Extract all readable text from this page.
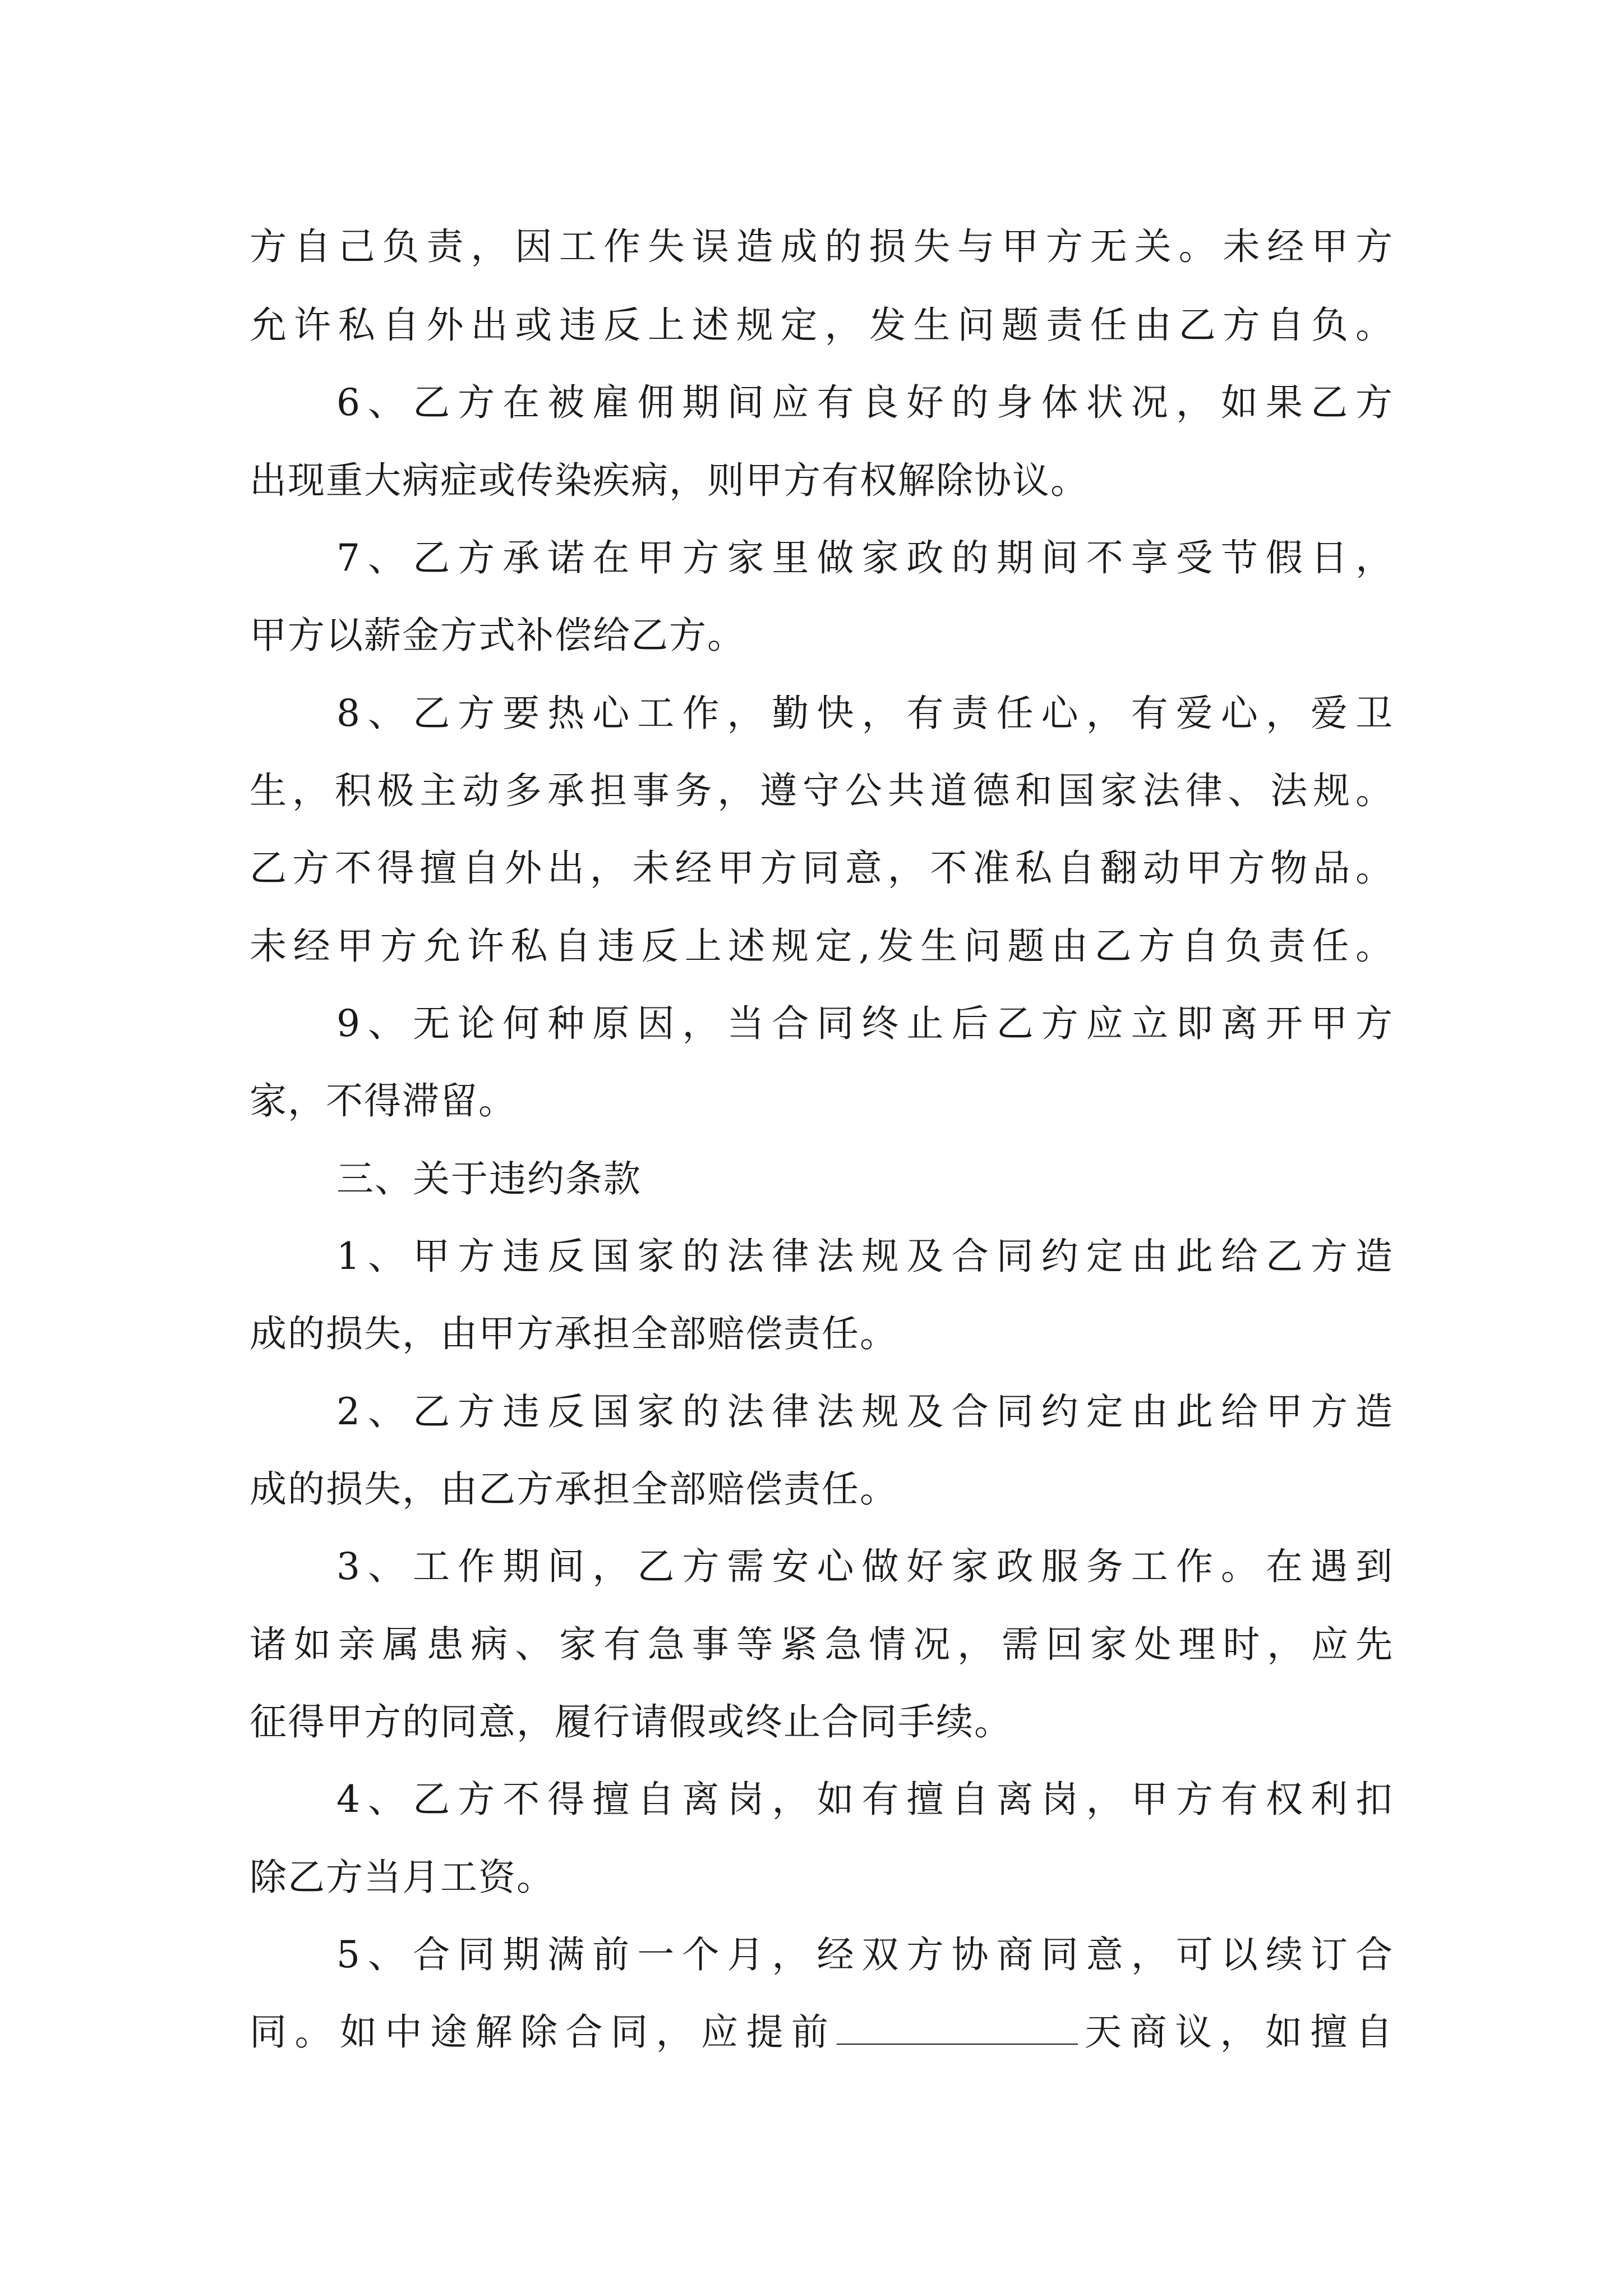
方自己负责，因工作失误造成的损失与甲方无关。未经甲方
允许私自外出或违反上述规定，发生问题责任由乙方自负。
6、乙方在被雇佣期间应有良好的身体状况，如果乙方
出现重大病症或传染疾病，则甲方有权解除协议。
7、乙方承诺在甲方家里做家政的期间不享受节假日，
甲方以薪金方式补偿给乙方。
8、乙方要热心工作，勤快，有责任心，有爱心，爱卫
生，积极主动多承担事务，遵守公共道德和国家法律、法规。
乙方不得擅自外出，未经甲方同意，不准私自翻动甲方物品。
未经甲方允许私自违反上述规定,发生问题由乙方自负责任。
9、无论何种原因，当合同终止后乙方应立即离开甲方
家，不得滞留。
三、关于违约条款
1、甲方违反国家的法律法规及合同约定由此给乙方造
成的损失，由甲方承担全部赔偿责任。
2、乙方违反国家的法律法规及合同约定由此给甲方造
成的损失，由乙方承担全部赔偿责任。
3、工作期间，乙方需安心做好家政服务工作。在遇到
诸如亲属患病、家有急事等紧急情况，需回家处理时，应先
征得甲方的同意，履行请假或终止合同手续。
4、乙方不得擅自离岗，如有擅自离岗，甲方有权利扣
除乙方当月工资。
5、合同期满前一个月，经双方协商同意，可以续订合
同。如中途解除合同，应提前	天商议，如擅自
